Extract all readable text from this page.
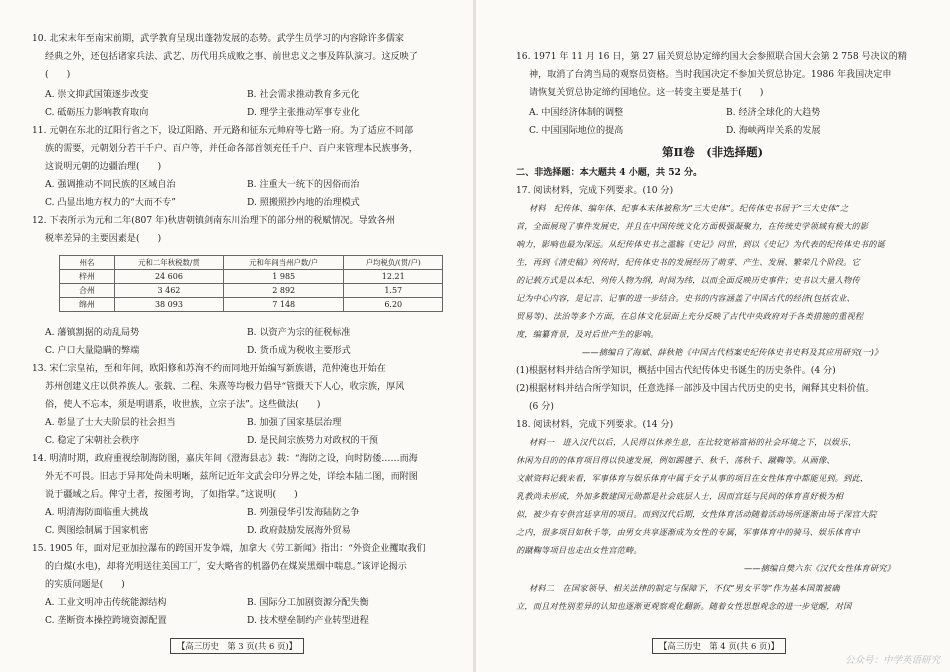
10. 北宋末年至南宋前期，武学教育呈现出蓬勃发展的态势。武学生员学习的内容除许多儒家

经典之外，还包括诸家兵法、武艺、历代用兵成败之事、前世忠义之事及阵队演习。这反映了

(　　)

A. 崇文抑武国策逐步改变	B. 社会需求推动教育多元化

C. 砥砺压力影响教育取向	D. 理学主张推动军事专业化

11. 元朝在东北的辽阳行省之下，设辽阳路、开元路和征东元帅府等七路一府。为了适应不同部

族的需要，元朝划分若干千户、百户等，并任命各部首领充任千户、百户来管理本民族事务，

这说明元朝的边疆治理(　　)

A. 强调推动不同民族的区域自治	B. 注重大一统下的因俗而治

C. 凸显出地方权力的“大而不专”	D. 照搬照抄内地的治理模式

12. 下表所示为元和二年(807 年)秋唐朝镇剑南东川治理下的部分州的税赋情况。导致各州

税率差异的主要因素是(　　)

州名	元和二年秋税数/贯	元和年间当州户数/户	户均税负/(贯/户)
梓州	24 606	1 985	12.21
合州	3 462	2 892	1.57
绵州	38 093	7 148	6.20

A. 藩镇割据的动乱局势	B. 以资产为宗的征税标准

C. 户口大量隐瞒的弊端	D. 货币成为税收主要形式

13. 宋仁宗皇祐，至和年间，欧阳修和苏洵不约而同地开始编写新族谱，范仲淹也开始在

苏州创建义庄以供养族人。张载、二程、朱熹等均极力倡导“管摄天下人心，收宗族，厚风

俗，使人不忘本，须是明谱系，收世族，立宗子法”。这些做法(　　)

A. 彰显了士大夫阶层的社会担当	B. 加强了国家基层治理

C. 稳定了宋朝社会秩序	D. 是民间宗族势力对政权的干预

14. 明清时期，政府重视绘制海防图，嘉庆年间《澄海县志》载：“海防之设，向时防倭……而海

外无不可畏。旧志于异邦处尚未明晰，兹所记近年文武会印分界之处，详绘本陆二图，而附图

说于疆域之后。俾守土者，按图考询，了如指掌。”这说明(　　)

A. 明清海防面临重大挑战	B. 列强侵华引发海陆防之争

C. 舆图绘制属于国家机密	D. 政府鼓励发展海外贸易

15. 1905 年，面对尼亚加拉瀑布的跨国开发争端，加拿大《劳工新闻》指出：“外资企业攫取我们

的白煤(水电)，却将光明送往美国工厂，安大略省的机器仍在煤炭黑烟中喘息。”该评论揭示

的实质问题是(　　)

A. 工业文明冲击传统能源结构	B. 国际分工加剧资源分配失衡

C. 垄断资本操控跨境资源配置	D. 技术壁垒制约产业转型进程

【高三历史　第 3 页(共 6 页)】

16. 1971 年 11 月 16 日，第 27 届关贸总协定缔约国大会参照联合国大会第 2 758 号决议的精

神，取消了台湾当局的观察员资格。当时我国决定不参加关贸总协定。1986 年我国决定申

请恢复关贸总协定缔约国地位。这一转变主要是基于(　　)

A. 中国经济体制的调整	B. 经济全球化的大趋势

C. 中国国际地位的提高	D. 海峡两岸关系的发展

第Ⅱ卷　(非选择题)

二、非选择题：本大题共 4 小题，共 52 分。

17. 阅读材料，完成下列要求。(10 分)

材料　纪传体、编年体、纪事本末体被称为“三大史体”。纪传体史书居于“三大史体”之

首，全面展现了事件发展史，并且在中国传统文化方面极强凝聚力，在传统史学领域有极大的影

响力，影响也最为深远。从纪传体史书之滥觞《史记》问世，到以《史记》为代表的纪传体史书的诞

生，再到《清史稿》列传时，纪传体史书的发展经历了萌芽、产生、发展、繁荣几个阶段。它

的记载方式是以本纪、列传人物为纲，时间为纬，以而全面反映历史事件；史书以大量人物传

记为中心内容，是记言、记事的进一步结合。史书的内容涵盖了中国古代的经济(包括农业、

贸易等)、法治等多个方面，在总体文化层面上充分反映了古代中央政府对于各类措施的重视程

度，编纂背景，及对后世产生的影响。

——摘编自了海斌、薛秋艳《中国古代档案史纪传体史书史料及其应用研究(一)》

(1)根据材料并结合所学知识，概括中国古代纪传体史书诞生的历史条件。(4 分)

(2)根据材料并结合所学知识，任意选择一部涉及中国古代历史的史书，阐释其史料价值。

(6 分)

18. 阅读材料，完成下列要求。(14 分)

材料一　进入汉代以后，人民得以休养生息，在比较宽裕富裕的社会环境之下，以娱乐、

休闲为目的的体育项目得以快速发展，例如踢毽子、秋千、荡秋千、蹴鞠等。从画像、

文献资料记载来看，军事体育与娱乐体育中属于女子从事的项目在女性体育中都能见到。到此，

乳教尚未形成，外加多数建国元勋都是社会底层人士，因而宫廷与民间的体育喜好极为相

似，被少有专供宫廷享用的项目。而到汉代后期，女性体育活动随着活动场所逐渐由场子深宫大院

之内，很多项目如秋千等，由男女共享逐渐成为女性的专属，军事体育中的骑马、娱乐体育中

的蹴鞠等项目也走出女性宫范畴。

——摘编自樊六东《汉代女性体育研究》

材料二　在国家领导、相关法律的制定与保障下，不仅“男女平等”作为基本国策被确

立，而且对性别差异的认知也逐渐更观察观化翻新。随着女性思想观念的进一步觉醒，对国

【高三历史　第 4 页(共 6 页)】
公众号：中学英语研究
